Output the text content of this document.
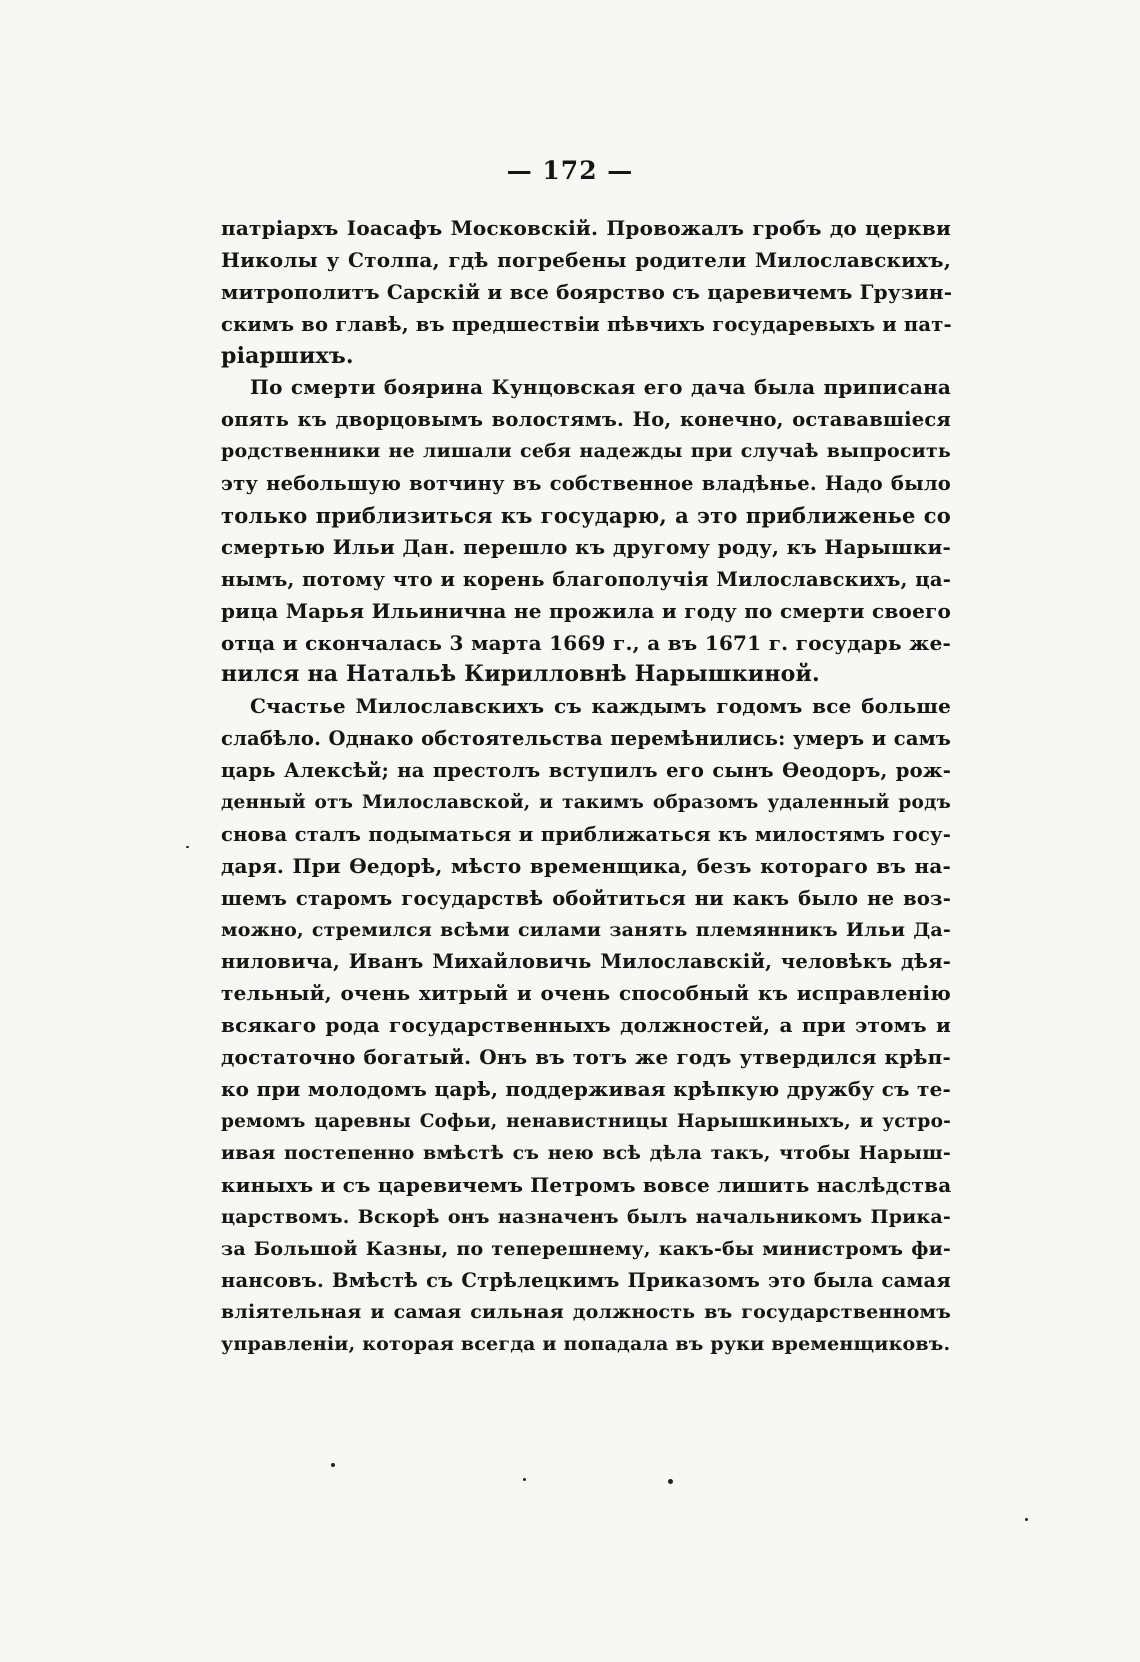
— 172 —
патріархъ Іоасафъ Московскій. Провожалъ гробъ до церкви
Николы у Столпа, гдѣ погребены родители Милославскихъ,
митрополитъ Сарскій и все боярство съ царевичемъ Грузин-
скимъ во главѣ, въ предшествіи пѣвчихъ государевыхъ и пат-
ріаршихъ.
По смерти боярина Кунцовская его дача была приписана
опять къ дворцовымъ волостямъ. Но, конечно, остававшіеся
родственники не лишали себя надежды при случаѣ выпросить
эту небольшую вотчину въ собственное владѣнье. Надо было
только приблизиться къ государю, а это приближенье со
смертью Ильи Дан. перешло къ другому роду, къ Нарышки-
нымъ, потому что и корень благополучія Милославскихъ, ца-
рица Марья Ильинична не прожила и году по смерти своего
отца и скончалась 3 марта 1669 г., а въ 1671 г. государь же-
нился на Натальѣ Кирилловнѣ Нарышкиной.
Счастье Милославскихъ съ каждымъ годомъ все больше
слабѣло. Однако обстоятельства перемѣнились: умеръ и самъ
царь Алексѣй; на престолъ вступилъ его сынъ Ѳеодоръ, рож-
денный отъ Милославской, и такимъ образомъ удаленный родъ
снова сталъ подыматься и приближаться къ милостямъ госу-
даря. При Ѳедорѣ, мѣсто временщика, безъ котораго въ на-
шемъ старомъ государствѣ обойтиться ни какъ было не воз-
можно, стремился всѣми силами занять племянникъ Ильи Да-
ниловича, Иванъ Михайловичь Милославскій, человѣкъ дѣя-
тельный, очень хитрый и очень способный къ исправленію
всякаго рода государственныхъ должностей, а при этомъ и
достаточно богатый. Онъ въ тотъ же годъ утвердился крѣп-
ко при молодомъ царѣ, поддерживая крѣпкую дружбу съ те-
ремомъ царевны Софьи, ненавистницы Нарышкиныхъ, и устро-
ивая постепенно вмѣстѣ съ нею всѣ дѣла такъ, чтобы Нарыш-
киныхъ и съ царевичемъ Петромъ вовсе лишить наслѣдства
царствомъ. Вскорѣ онъ назначенъ былъ начальникомъ Прика-
за Большой Казны, по теперешнему, какъ-бы министромъ фи-
нансовъ. Вмѣстѣ съ Стрѣлецкимъ Приказомъ это была самая
вліятельная и самая сильная должность въ государственномъ
управленіи, которая всегда и попадала въ руки временщиковъ.
